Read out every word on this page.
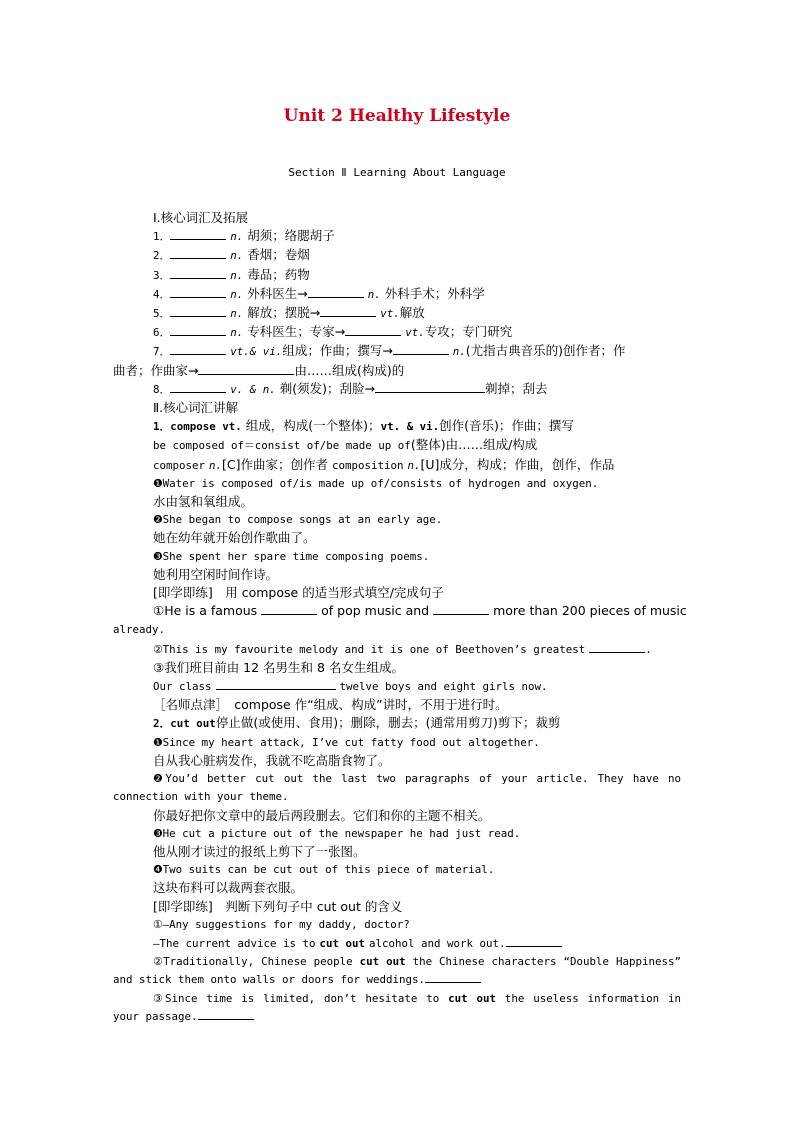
Unit 2 Healthy Lifestyle
Section Ⅱ Learning About Language
Ⅰ.核心词汇及拓展
1．	n. 胡须；络腮胡子
2．	n. 香烟；卷烟
3．	n. 毒品；药物
4．	n. 外科医生→	n. 外科手术；外科学
5．	n. 解放；摆脱→	vt.解放
6．	n. 专科医生；专家→	vt.专攻；专门研究
7．	vt.& vi.组成；作曲；撰写→	n.(尤指古典音乐的)创作者；作
曲者；作曲家→	由……组成(构成)的
8．	v. & n. 剃(须发)；刮脸→	剃掉；刮去
Ⅱ.核心词汇讲解
1．compose vt. 组成，构成(一个整体)；vt. & vi.创作(音乐)；作曲；撰写
be composed of＝consist of/be made up of(整体)由……组成/构成
composer n.[C]作曲家；创作者 composition n.[U]成分，构成；作曲，创作，作品
❶Water is composed of/is made up of/consists of hydrogen and oxygen.
水由氢和氧组成。
❷She began to compose songs at an early age.
她在幼年就开始创作歌曲了。
❸She spent her spare time composing poems.
她利用空闲时间作诗。
[即学即练]　用 compose 的适当形式填空/完成句子
①He is a famous	of pop music and	more than 200 pieces of music
already.
②This is my favourite melody and it is one of Beethoven’s greatest	.
③我们班目前由 12 名男生和 8 名女生组成。
Our class	twelve boys and eight girls now.
［名师点津］　compose 作“组成、构成”讲时，不用于进行时。
2．cut out停止做(或使用、食用)；删除，删去；(通常用剪刀)剪下；裁剪
❶Since my heart attack, I’ve cut fatty food out altogether.
自从我心脏病发作，我就不吃高脂食物了。
❷You’d better cut out the last two paragraphs of your article. They have no connection with your theme.
你最好把你文章中的最后两段删去。它们和你的主题不相关。
❸He cut a picture out of the newspaper he had just read.
他从刚才读过的报纸上剪下了一张图。
❹Two suits can be cut out of this piece of material.
这块布料可以裁两套衣服。
[即学即练]　判断下列句子中 cut out 的含义
①—Any suggestions for my daddy, doctor?
—The current advice is to cut out alcohol and work out.
②Traditionally, Chinese people cut out the Chinese characters “Double Happiness” and stick them onto walls or doors for weddings.
③Since time is limited, don’t hesitate to cut out the useless information in your passage.
